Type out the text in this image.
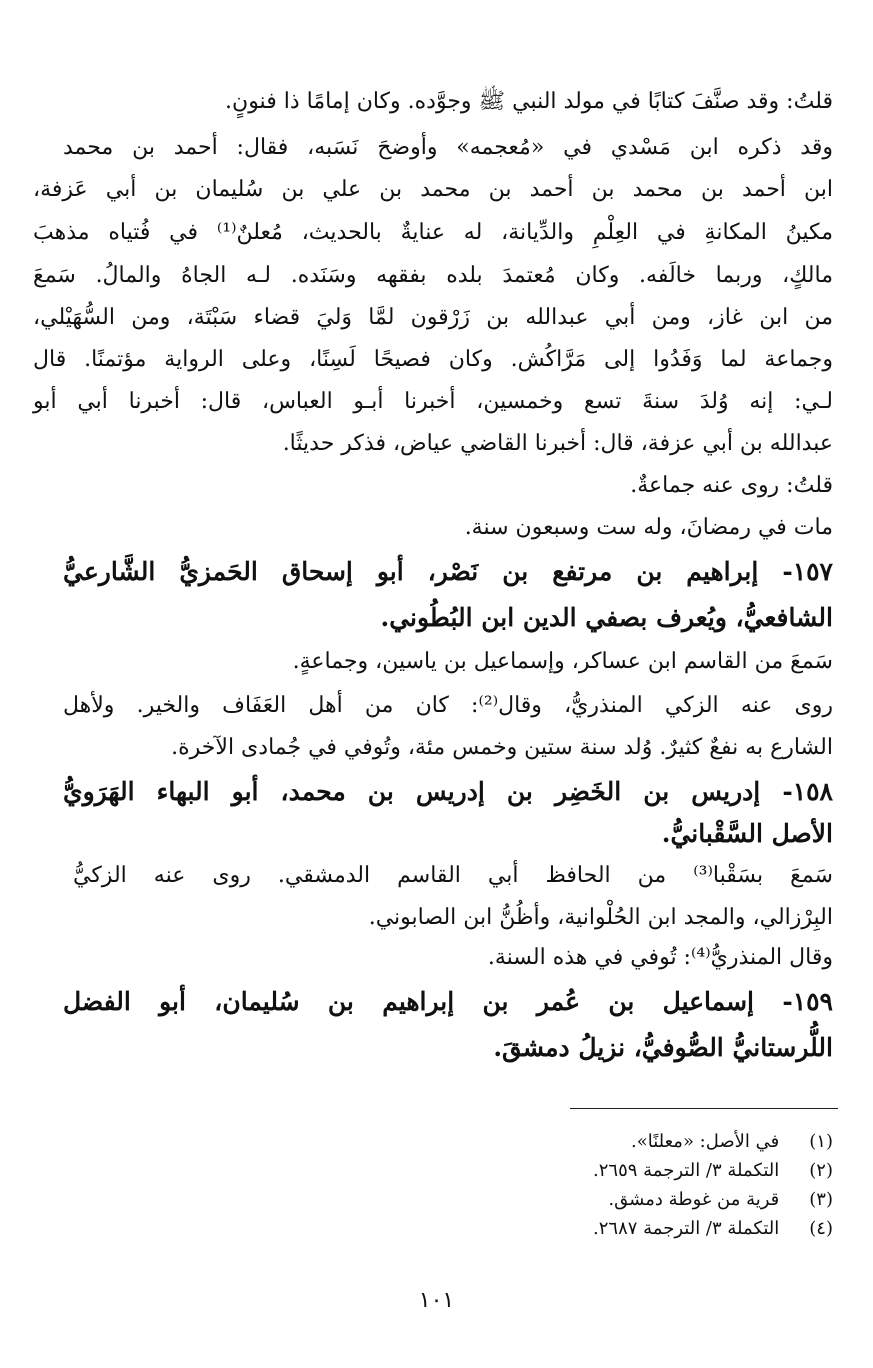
قلتُ: وقد صنَّفَ كتابًا في مولد النبي ﷺ وجوَّده. وكان إمامًا ذا فنونٍ.
وقد ذكره ابن مَسْدي في «مُعجمه» وأوضحَ نَسَبه، فقال: أحمد بن محمد
ابن أحمد بن محمد بن أحمد بن محمد بن علي بن سُليمان بن أبي عَزفة،
مكينُ المكانةِ في العِلْمِ والدِّيانة، له عنايةٌ بالحديث، مُعلنٌ⁽¹⁾ في فُتياه مذهبَ
مالكٍ، وربما خالَفه. وكان مُعتمدَ بلده بفقهه وسَنَده. لـه الجاهُ والمالُ. سَمعَ
من ابن غاز، ومن أبي عبدالله بن زَرْقون لمَّا وَليَ قضاء سَبْتَة، ومن السُّهَيْلي،
وجماعة لما وَفَدُوا إلى مَرَّاكُش. وكان فصيحًا لَسِنًا، وعلى الرواية مؤتمنًا. قال
لـي: إنه وُلدَ سنةَ تسع وخمسين، أخبرنا أبـو العباس، قال: أخبرنا أبي أبو
عبدالله بن أبي عزفة، قال: أخبرنا القاضي عياض، فذكر حديثًا.
قلتُ: روى عنه جماعةٌ.
مات في رمضانَ، وله ست وسبعون سنة.
١٥٧- إبراهيم بن مرتفع بن نَصْر، أبو إسحاق الحَمزيُّ الشَّارعيُّ
الشافعيُّ، ويُعرف بصفي الدين ابن البُطُوني.
سَمعَ من القاسم ابن عساكر، وإسماعيل بن ياسين، وجماعةٍ.
روى عنه الزكي المنذريُّ، وقال⁽²⁾: كان من أهل العَفَاف والخير. ولأهل
الشارع به نفعٌ كثيرٌ. وُلد سنة ستين وخمس مئة، وتُوفي في جُمادى الآخرة.
١٥٨- إدريس بن الخَضِر بن إدريس بن محمد، أبو البهاء الهَرَويُّ
الأصل السَّقْبانيُّ.
سَمعَ بسَقْبا⁽³⁾ من الحافظ أبي القاسم الدمشقي. روى عنه الزكيُّ
البِرْزالي، والمجد ابن الحُلْوانية، وأظُنُّ ابن الصابوني.
وقال المنذريُّ⁽⁴⁾: تُوفي في هذه السنة.
١٥٩- إسماعيل بن عُمر بن إبراهيم بن سُليمان، أبو الفضل
اللُّرستانيُّ الصُّوفيُّ، نزيلُ دمشقَ.
(١) في الأصل: «معلنًا».
(٢) التكملة ٣/ الترجمة ٢٦٥٩.
(٣) قرية من غوطة دمشق.
(٤) التكملة ٣/ الترجمة ٢٦٨٧.
١٠١
